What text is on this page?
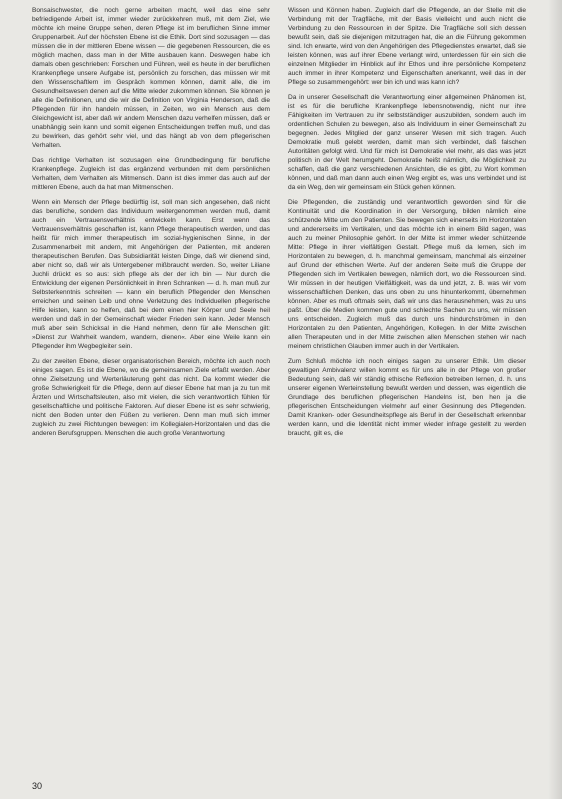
Bonsaischwester, die noch gerne arbeiten macht, weil das eine sehr befriedigende Arbeit ist, immer wieder zurückkehren muß, mit dem Ziel, wie möchte ich meine Gruppe sehen, deren Pflege ist im beruflichen Sinne immer Gruppenarbeit. Auf der höchsten Ebene ist die Ethik. Dort sind sozusagen — das müssen die in der mittleren Ebene wissen — die gegebenen Ressourcen, die es möglich machen, dass man in der Mitte ausbauen kann. Deswegen habe ich damals oben geschrieben: Forschen und Führen, weil es heute in der beruflichen Krankenpflege unsere Aufgabe ist, persönlich zu forschen, das müssen wir mit den Wissenschaftlern im Gespräch kommen können, damit alle, die im Gesundheitswesen denen auf die Mitte wieder zukommen können. Sie können je alle die Definitionen, und die wir die Definition von Virginia Henderson, daß die Pflegenden für ihn handeln müssen, in Zeiten, wo ein Mensch aus dem Gleichgewicht ist, aber daß wir andern Menschen dazu verhelfen müssen, daß er unabhängig sein kann und somit eigenen Entscheidungen treffen muß, und das zu bewirken, das gehört sehr viel, und das hängt ab von dem pflegerischen Verhalten.

Das richtige Verhalten ist sozusagen eine Grundbedingung für berufliche Krankenpflege. Zugleich ist das ergänzend verbunden mit dem persönlichen Verhalten, dem Verhalten als Mitmensch. Dann ist dies immer das auch auf der mittleren Ebene, auch da hat man Mitmenschen.

Wenn ein Mensch der Pflege bedürftig ist, soll man sich angesehen, daß nicht das berufliche, sondern das Individuum weitergenommen werden muß, damit auch ein Vertrauensverhältnis entwickeln kann. Erst wenn das Vertrauensverhältnis geschaffen ist, kann Pflege therapeutisch werden, und das heißt für mich immer therapeutisch im sozial-hygienischen Sinne, in der Zusammenarbeit mit andern, mit Angehörigen der Patienten, mit anderen therapeutischen Berufen. Das Subsidiarität leisten Dinge, daß wir dienend sind, aber nicht so, daß wir als Untergebener mißbraucht werden. So, weiter Liliane Juchli drückt es so aus: sich pflege als der der ich bin — Nur durch die Entwicklung der eigenen Persönlichkeit in ihren Schranken — d. h. man muß zur Selbsterkenntnis schreiten — kann ein beruflich Pflegender den Menschen erreichen und seinen Leib und ohne Verletzung des Individuellen pflegerische Hilfe leisten, kann so helfen, daß bei dem einen hier Körper und Seele heil werden und daß in der Gemeinschaft wieder Frieden sein kann. Jeder Mensch muß aber sein Schicksal in die Hand nehmen, denn für alle Menschen gilt: »Dienst zur Wahrheit wandern, wandern, dienen«. Aber eine Weile kann ein Pflegender ihm Wegbegleiter sein.

Zu der zweiten Ebene, dieser organisatorischen Bereich, möchte ich auch noch einiges sagen. Es ist die Ebene, wo die gemeinsamen Ziele erfaßt werden. Aber ohne Zielsetzung und Werterläuterung geht das nicht. Da kommt wieder die große Schwierigkeit für die Pflege, denn auf dieser Ebene hat man ja zu tun mit Ärzten und Wirtschaftsleuten, also mit vielen, die sich verantwortlich fühlen für gesellschaftliche und politische Faktoren. Auf dieser Ebene ist es sehr schwierig, nicht den Boden unter den Füßen zu verlieren. Denn man muß sich immer zugleich zu zwei Richtungen bewegen: im Kollegialen-Horizontalen und das die anderen Berufsgruppen. Menschen die auch große Verantwortung

Wissen und Können haben. Zugleich darf die Pflegende, an der Stelle mit die Verbindung mit der Tragfläche, mit der Basis vielleicht und auch nicht die Verbindung zu den Ressourcen in der Spitze. Die Tragfläche soll sich dessen bewußt sein, daß sie diejenigen mitzutragen hat, die an die Führung gekommen sind. Ich erwarte, wird von den Angehörigen des Pflegedienstes erwartet, daß sie leisten können, was auf ihrer Ebene verlangt wird, unterdessen für ein sich die einzelnen Mitglieder im Hinblick auf ihr Ethos und ihre persönliche Kompetenz auch immer in ihrer Kompetenz und Eigenschaften anerkannt, weil das in der Pflege so zusammengehört: wer bin ich und was kann ich?

Da in unserer Gesellschaft die Verantwortung einer allgemeinen Phänomen ist, ist es für die berufliche Krankenpflege lebensnotwendig, nicht nur ihre Fähigkeiten im Vertrauen zu ihr selbstständiger auszubilden, sondern auch im ordentlichen Schulen zu bewegen, also als Individuum in einer Gemeinschaft zu begegnen. Jedes Mitglied der ganz unserer Wesen mit sich tragen. Auch Demokratie muß gelebt werden, damit man sich verbindet, daß falschen Autoritäten gefolgt wird. Und für mich ist Demokratie viel mehr, als das was jetzt politisch in der Welt herumgeht. Demokratie heißt nämlich, die Möglichkeit zu schaffen, daß die ganz verschiedenen Ansichten, die es gibt, zu Wort kommen können, und daß man dann auch einen Weg ergibt es, was uns verbindet und ist da ein Weg, den wir gemeinsam ein Stück gehen können.

Die Pflegenden, die zuständig und verantwortlich geworden sind für die Kontinuität und die Koordination in der Versorgung, bilden nämlich eine schützende Mitte um den Patienten. Sie bewegen sich einerseits im Horizontalen und andererseits im Vertikalen, und das möchte ich in einem Bild sagen, was auch zu meiner Philosophie gehört. In der Mitte ist immer wieder schützende Mitte: Pflege in ihrer vielfältigen Gestalt. Pflege muß da lernen, sich im Horizontalen zu bewegen, d. h. manchmal gemeinsam, manchmal als einzelner auf Grund der ethischen Werte. Auf der anderen Seite muß die Gruppe der Pflegenden sich im Vertikalen bewegen, nämlich dort, wo die Ressourcen sind. Wir müssen in der heutigen Vielfältigkeit, was da und jetzt, z. B. was wir vom wissenschaftlichen Denken, das uns oben zu uns hinunterkommt, übernehmen können. Aber es muß oftmals sein, daß wir uns das herausnehmen, was zu uns paßt. Über die Medien kommen gute und schlechte Sachen zu uns, wir müssen uns entscheiden. Zugleich muß das durch uns hindurchströmen in den Horizontalen zu den Patienten, Angehörigen, Kollegen. In der Mitte zwischen allen Therapeuten und in der Mitte zwischen allen Menschen stehen wir nach meinem christlichen Glauben immer auch in der Vertikalen.

Zum Schluß möchte ich noch einiges sagen zu unserer Ethik. Um dieser gewaltigen Ambivalenz willen kommt es für uns alle in der Pflege von großer Bedeutung sein, daß wir ständig ethische Reflexion betreiben lernen, d. h. uns unserer eigenen Werteinstellung bewußt werden und dessen, was eigentlich die Grundlage des beruflichen pflegerischen Handelns ist, ben hen ja die pflegerischen Entscheidungen vielmehr auf einer Gesinnung des Pflegenden. Damit Kranken- oder Gesundheitspflege als Beruf in der Gesellschaft erkennbar werden kann, und die Identität nicht immer wieder infrage gestellt zu werden braucht, gilt es, die

30
